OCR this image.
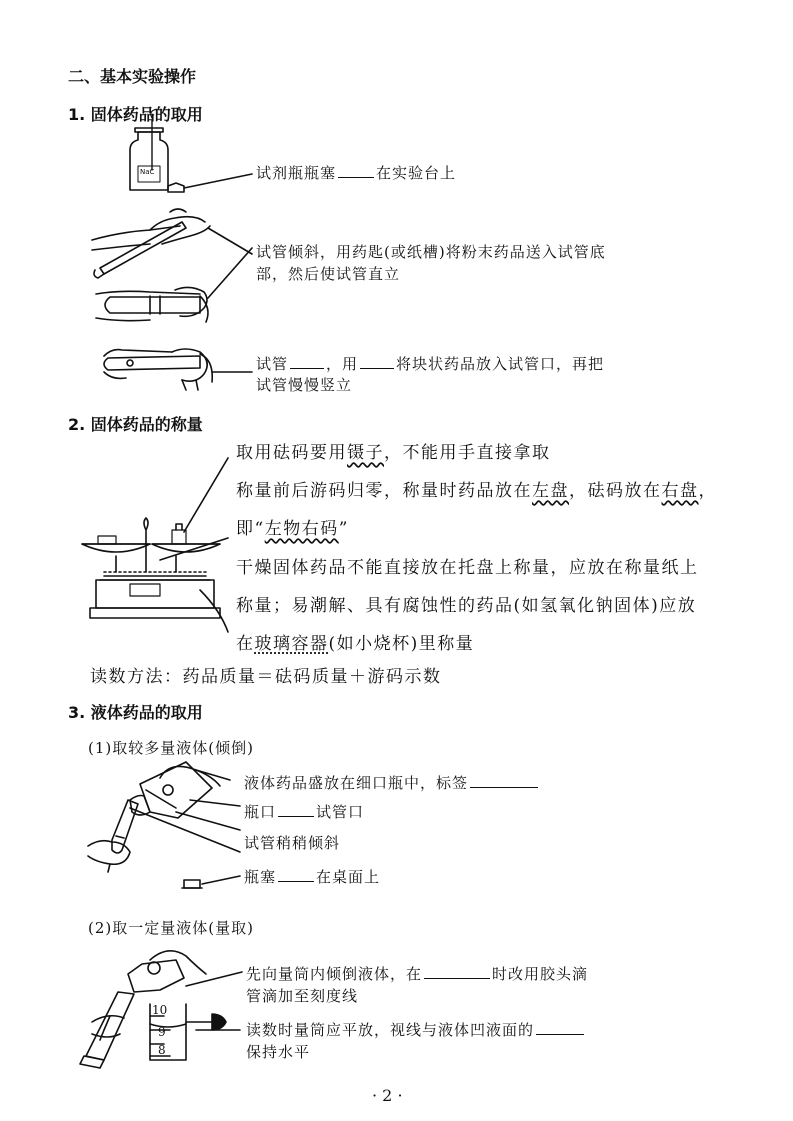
二、基本实验操作
1. 固体药品的取用
NaC	试剂瓶瓶塞	在实验台上
试管倾斜，用药匙(或纸槽)将粉末药品送入试管底
部，然后使试管直立
试管	，用	将块状药品放入试管口，再把
试管慢慢竖立
2. 固体药品的称量
取用砝码要用镊子，不能用手直接拿取
称量前后游码归零，称量时药品放在左盘，砝码放在右盘，
即“左物右码”
干燥固体药品不能直接放在托盘上称量，应放在称量纸上
称量；易潮解、具有腐蚀性的药品(如氢氧化钠固体)应放
在玻璃容器(如小烧杯)里称量
读数方法：药品质量＝砝码质量＋游码示数
3. 液体药品的取用
(1)取较多量液体(倾倒)
液体药品盛放在细口瓶中，标签
瓶口	试管口
试管稍稍倾斜
瓶塞	在桌面上
(2)取一定量液体(量取)
先向量筒内倾倒液体，在	时改用胶头滴
管滴加至刻度线
读数时量筒应平放，视线与液体凹液面的
保持水平
10
9
8
· 2 ·
